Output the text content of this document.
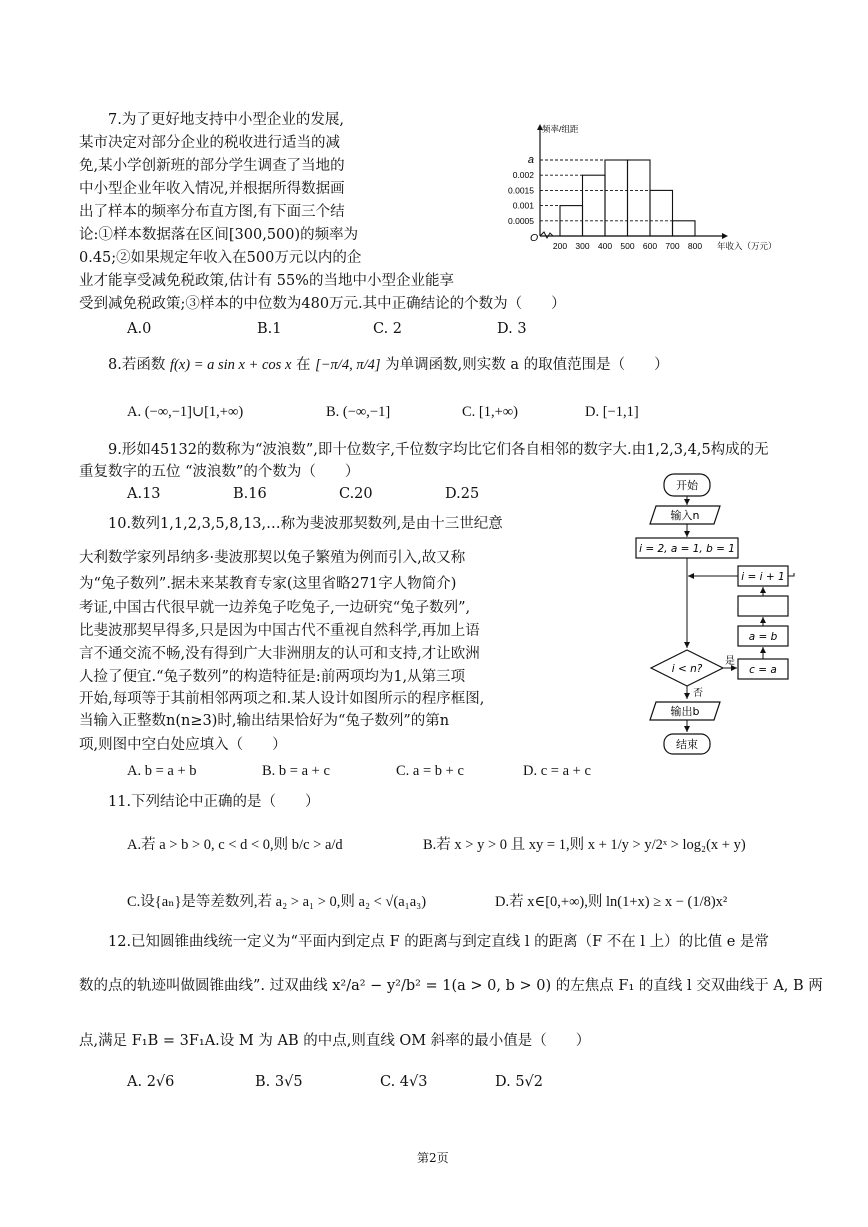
7.为了更好地支持中小型企业的发展,
某市决定对部分企业的税收进行适当的减
免,某小学创新班的部分学生调查了当地的
中小型企业年收入情况,并根据所得数据画
出了样本的频率分布直方图,有下面三个结
论:①样本数据落在区间[300,500)的频率为
0.45;②如果规定年收入在500万元以内的企
业才能享受减免税政策,估计有 55%的当地中小型企业能享
受到减免税政策;③样本的中位数为480万元.其中正确结论的个数为（　　）
A.0	B.1	C. 2	D. 3
0.0005
0.001
0.0015
0.002
a
200 300 400 500 600 700 800
O
频率/组距
年收入（万元）
8.若函数 f(x) = a sin x + cos x 在 [−π/4, π/4] 为单调函数,则实数 a 的取值范围是（　　）
A. (−∞,−1]∪[1,+∞)	B. (−∞,−1]	C. [1,+∞)	D. [−1,1]
9.形如45132的数称为“波浪数”,即十位数字,千位数字均比它们各自相邻的数字大.由1,2,3,4,5构成的无
重复数字的五位 “波浪数”的个数为（　　）
A.13	B.16	C.20	D.25
10.数列1,1,2,3,5,8,13,…称为斐波那契数列,是由十三世纪意
大利数学家列昂纳多·斐波那契以兔子繁殖为例而引入,故又称
为“兔子数列”.据未来某教育专家(这里省略271字人物简介)
考证,中国古代很早就一边养兔子吃兔子,一边研究“兔子数列”,
比斐波那契早得多,只是因为中国古代不重视自然科学,再加上语
言不通交流不畅,没有得到广大非洲朋友的认可和支持,才让欧洲
人捡了便宜.“兔子数列”的构造特征是:前两项均为1,从第三项
开始,每项等于其前相邻两项之和.某人设计如图所示的程序框图,
当输入正整数n(n≥3)时,输出结果恰好为“兔子数列”的第n
项,则图中空白处应填入（　　）
A. b = a + b	B. b = a + c	C. a = b + c	D. c = a + c
开始
输入n
i = 2, a = 1, b = 1
i < n?
是
c = a
a = b
i = i + 1
否
输出b
结束
11.下列结论中正确的是（　　）
A.若 a > b > 0, c < d < 0,则 b/c > a/d	B.若 x > y > 0 且 xy = 1,则 x + 1/y > y/2ˣ > log₂(x + y)
C.设{aₙ}是等差数列,若 a₂ > a₁ > 0,则 a₂ < √(a₁a₃)	D.若 x∈[0,+∞),则 ln(1+x) ≥ x − (1/8)x²
12.已知圆锥曲线统一定义为“平面内到定点 F 的距离与到定直线 l 的距离（F 不在 l 上）的比值 e 是常
数的点的轨迹叫做圆锥曲线”. 过双曲线 x²/a² − y²/b² = 1(a > 0, b > 0) 的左焦点 F₁ 的直线 l 交双曲线于 A, B 两
点,满足 F₁B = 3F₁A.设 M 为 AB 的中点,则直线 OM 斜率的最小值是（　　）
A. 2√6	B. 3√5	C. 4√3	D. 5√2
第2页
